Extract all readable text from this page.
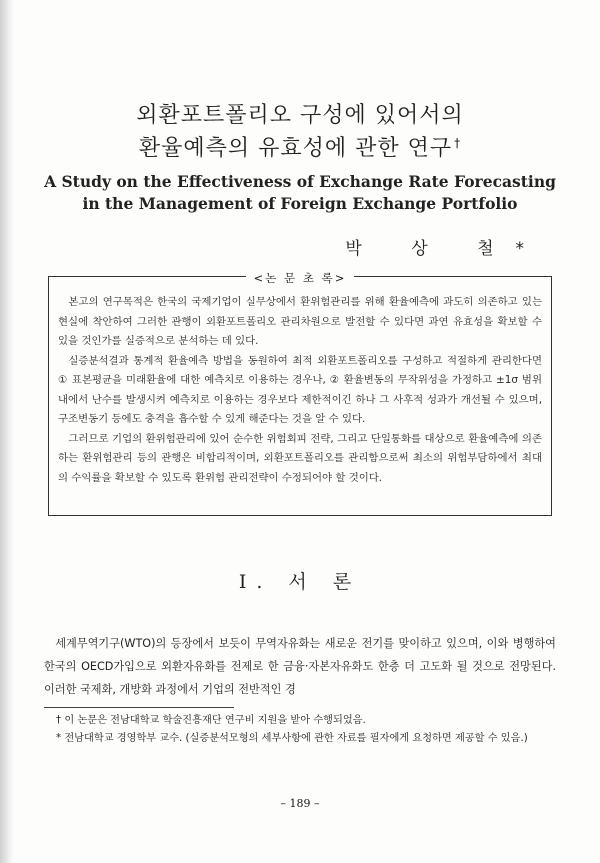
외환포트폴리오 구성에 있어서의
환율예측의 유효성에 관한 연구 †
A Study on the Effectiveness of Exchange Rate Forecasting
in the Management of Foreign Exchange Portfolio
박 상 철*
<논 문 초 록>

본고의 연구목적은 한국의 국제기업이 실무상에서 환위험관리를 위해 환율예측에 과도히 의존하고 있는 현실에 착안하여 그러한 관행이 외환포트폴리오 관리차원으로 발전할 수 있다면 과연 유효성을 확보할 수 있을 것인가를 실증적으로 분석하는 데 있다.

실증분석결과 통계적 환율예측 방법을 동원하여 최적 외환포트폴리오를 구성하고 적절하게 관리한다면 ① 표본평균을 미래환율에 대한 예측치로 이용하는 경우나, ② 환율변동의 무작위성을 가정하고 ±1σ 범위내에서 난수를 발생시켜 예측치로 이용하는 경우보다 제한적이긴 하나 그 사후적 성과가 개선될 수 있으며, 구조변동기 등에도 충격을 흡수할 수 있게 해준다는 것을 알 수 있다.

그러므로 기업의 환위험관리에 있어 순수한 위험회피 전략, 그리고 단일통화를 대상으로 환율예측에 의존하는 환위험관리 등의 관행은 비합리적이며, 외환포트폴리오를 관리함으로써 최소의 위험부담하에서 최대의 수익률을 확보할 수 있도록 환위험 관리전략이 수정되어야 할 것이다.

I. 서 론

세계무역기구(WTO)의 등장에서 보듯이 무역자유화는 새로운 전기를 맞이하고 있으며, 이와 병행하여 한국의 OECD가입으로 외환자유화를 전제로 한 금융·자본자유화도 한층 더 고도화 될 것으로 전망된다. 이러한 국제화, 개방화 과정에서 기업의 전반적인 경

† 이 논문은 전남대학교 학술진흥재단 연구비 지원을 받아 수행되었음.
* 전남대학교 경영학부 교수. (실증분석모형의 세부사항에 관한 자료를 필자에게 요청하면 제공할 수 있음.)
– 189 –
